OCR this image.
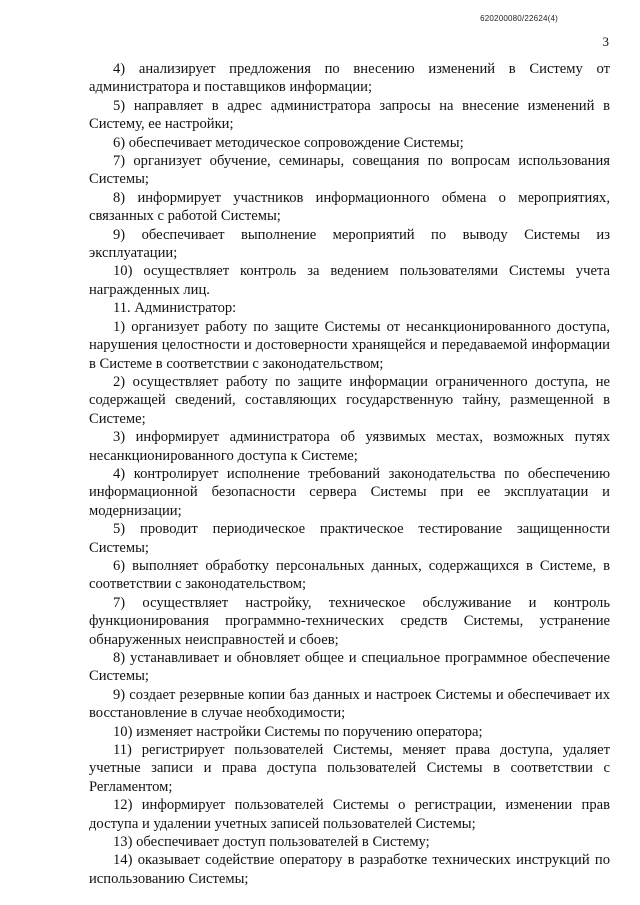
620200080/22624(4)
3

4) анализирует предложения по внесению изменений в Систему от администратора и поставщиков информации;

5) направляет в адрес администратора запросы на внесение изменений в Систему, ее настройки;

6) обеспечивает методическое сопровождение Системы;

7) организует обучение, семинары, совещания по вопросам использования Системы;

8) информирует участников информационного обмена о мероприятиях, связанных с работой Системы;

9) обеспечивает выполнение мероприятий по выводу Системы из эксплуатации;

10) осуществляет контроль за ведением пользователями Системы учета награжденных лиц.

11. Администратор:

1) организует работу по защите Системы от несанкционированного доступа, нарушения целостности и достоверности хранящейся и передаваемой информации в Системе в соответствии с законодательством;

2) осуществляет работу по защите информации ограниченного доступа, не содержащей сведений, составляющих государственную тайну, размещенной в Системе;

3) информирует администратора об уязвимых местах, возможных путях несанкционированного доступа к Системе;

4) контролирует исполнение требований законодательства по обеспечению информационной безопасности сервера Системы при ее эксплуатации и модернизации;

5) проводит периодическое практическое тестирование защищенности Системы;

6) выполняет обработку персональных данных, содержащихся в Системе, в соответствии с законодательством;

7) осуществляет настройку, техническое обслуживание и контроль функционирования программно-технических средств Системы, устранение обнаруженных неисправностей и сбоев;

8) устанавливает и обновляет общее и специальное программное обеспечение Системы;

9) создает резервные копии баз данных и настроек Системы и обеспечивает их восстановление в случае необходимости;

10) изменяет настройки Системы по поручению оператора;

11) регистрирует пользователей Системы, меняет права доступа, удаляет учетные записи и права доступа пользователей Системы в соответствии с Регламентом;

12) информирует пользователей Системы о регистрации, изменении прав доступа и удалении учетных записей пользователей Системы;

13) обеспечивает доступ пользователей в Систему;

14) оказывает содействие оператору в разработке технических инструкций по использованию Системы;
